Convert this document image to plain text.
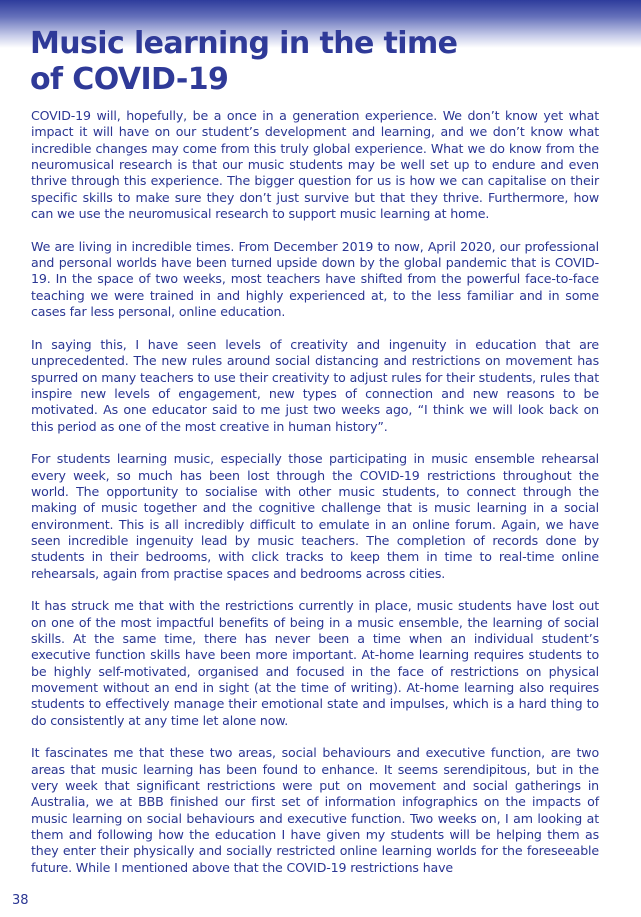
Music learning in the time
of COVID-19

COVID-19 will, hopefully, be a once in a generation experience. We don’t know yet what impact it will have on our student’s development and learning, and we don’t know what incredible changes may come from this truly global experience. What we do know from the neuromusical research is that our music students may be well set up to endure and even thrive through this experience. The bigger question for us is how we can capitalise on their specific skills to make sure they don’t just survive but that they thrive. Furthermore, how can we use the neuromusical research to support music learning at home.

We are living in incredible times. From December 2019 to now, April 2020, our professional and personal worlds have been turned upside down by the global pandemic that is COVID-19. In the space of two weeks, most teachers have shifted from the powerful face-to-face teaching we were trained in and highly experienced at, to the less familiar and in some cases far less personal, online education.

In saying this, I have seen levels of creativity and ingenuity in education that are unprecedented. The new rules around social distancing and restrictions on movement has spurred on many teachers to use their creativity to adjust rules for their students, rules that inspire new levels of engagement, new types of connection and new reasons to be motivated. As one educator said to me just two weeks ago, “I think we will look back on this period as one of the most creative in human history”.

For students learning music, especially those participating in music ensemble rehearsal every week, so much has been lost through the COVID-19 restrictions throughout the world. The opportunity to socialise with other music students, to connect through the making of music together and the cognitive challenge that is music learning in a social environment. This is all incredibly difficult to emulate in an online forum. Again, we have seen incredible ingenuity lead by music teachers. The completion of records done by students in their bedrooms, with click tracks to keep them in time to real-time online rehearsals, again from practise spaces and bedrooms across cities.

It has struck me that with the restrictions currently in place, music students have lost out on one of the most impactful benefits of being in a music ensemble, the learning of social skills. At the same time, there has never been a time when an individual student’s executive function skills have been more important. At-home learning requires students to be highly self-motivated, organised and focused in the face of restrictions on physical movement without an end in sight (at the time of writing). At-home learning also requires students to effectively manage their emotional state and impulses, which is a hard thing to do consistently at any time let alone now.

It fascinates me that these two areas, social behaviours and executive function, are two areas that music learning has been found to enhance. It seems serendipitous, but in the very week that significant restrictions were put on movement and social gatherings in Australia, we at BBB finished our first set of information infographics on the impacts of music learning on social behaviours and executive function. Two weeks on, I am looking at them and following how the education I have given my students will be helping them as they enter their physically and socially restricted online learning worlds for the foreseeable future. While I mentioned above that the COVID-19 restrictions have

38
